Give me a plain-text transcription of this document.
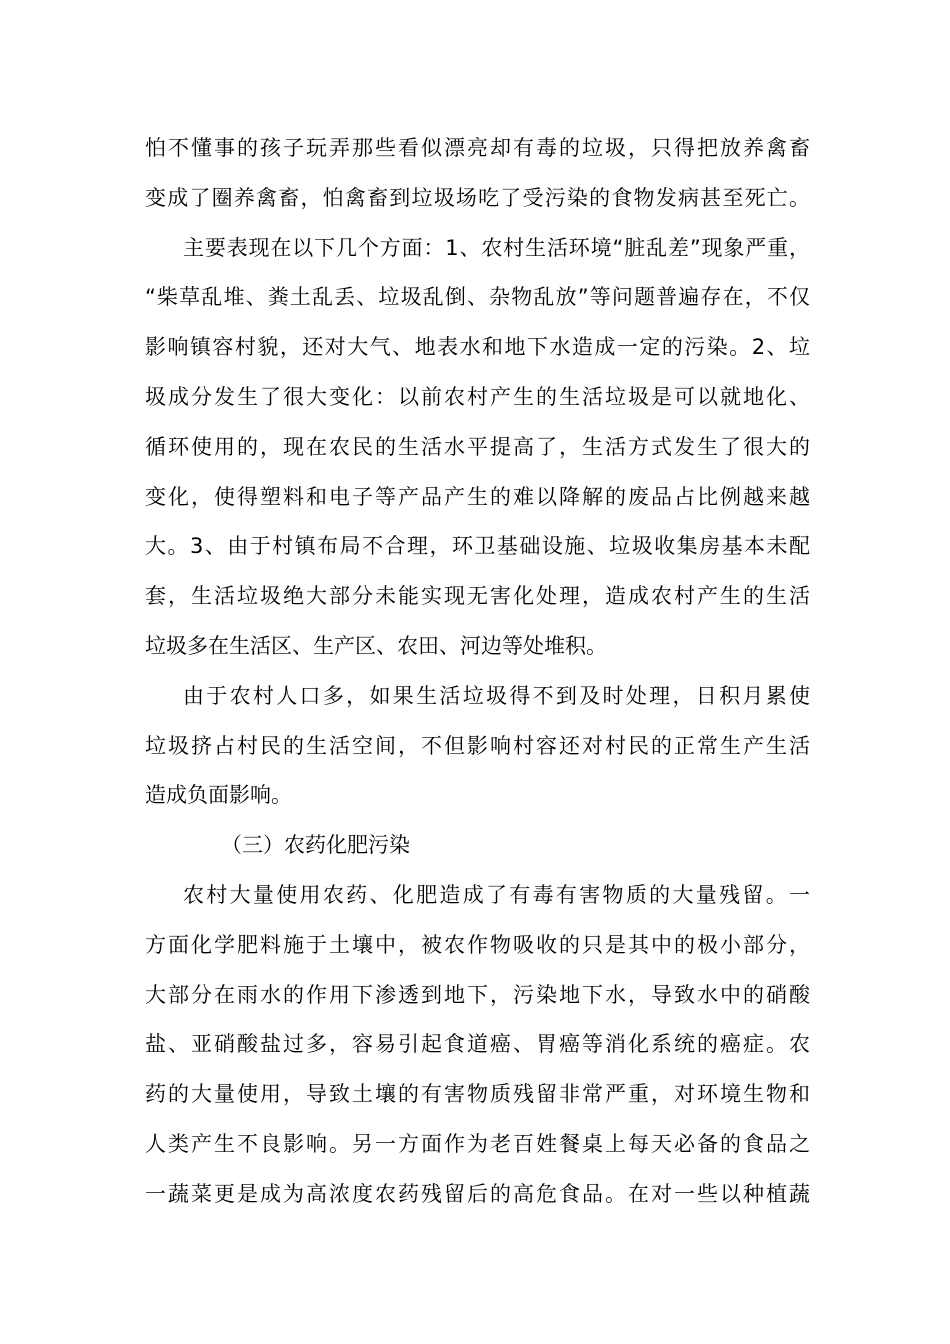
怕不懂事的孩子玩弄那些看似漂亮却有毒的垃圾，只得把放养禽畜
变成了圈养禽畜，怕禽畜到垃圾场吃了受污染的食物发病甚至死亡。
主要表现在以下几个方面：1、农村生活环境“脏乱差”现象严重，
“柴草乱堆、粪土乱丢、垃圾乱倒、杂物乱放”等问题普遍存在，不仅
影响镇容村貌，还对大气、地表水和地下水造成一定的污染。2、垃
圾成分发生了很大变化：以前农村产生的生活垃圾是可以就地化、
循环使用的，现在农民的生活水平提高了，生活方式发生了很大的
变化，使得塑料和电子等产品产生的难以降解的废品占比例越来越
大。3、由于村镇布局不合理，环卫基础设施、垃圾收集房基本未配
套，生活垃圾绝大部分未能实现无害化处理，造成农村产生的生活
垃圾多在生活区、生产区、农田、河边等处堆积。
由于农村人口多，如果生活垃圾得不到及时处理，日积月累使
垃圾挤占村民的生活空间，不但影响村容还对村民的正常生产生活
造成负面影响。
（三）农药化肥污染
农村大量使用农药、化肥造成了有毒有害物质的大量残留。一
方面化学肥料施于土壤中，被农作物吸收的只是其中的极小部分，
大部分在雨水的作用下渗透到地下，污染地下水，导致水中的硝酸
盐、亚硝酸盐过多，容易引起食道癌、胃癌等消化系统的癌症。农
药的大量使用，导致土壤的有害物质残留非常严重，对环境生物和
人类产生不良影响。另一方面作为老百姓餐桌上每天必备的食品之
一蔬菜更是成为高浓度农药残留后的高危食品。在对一些以种植蔬
